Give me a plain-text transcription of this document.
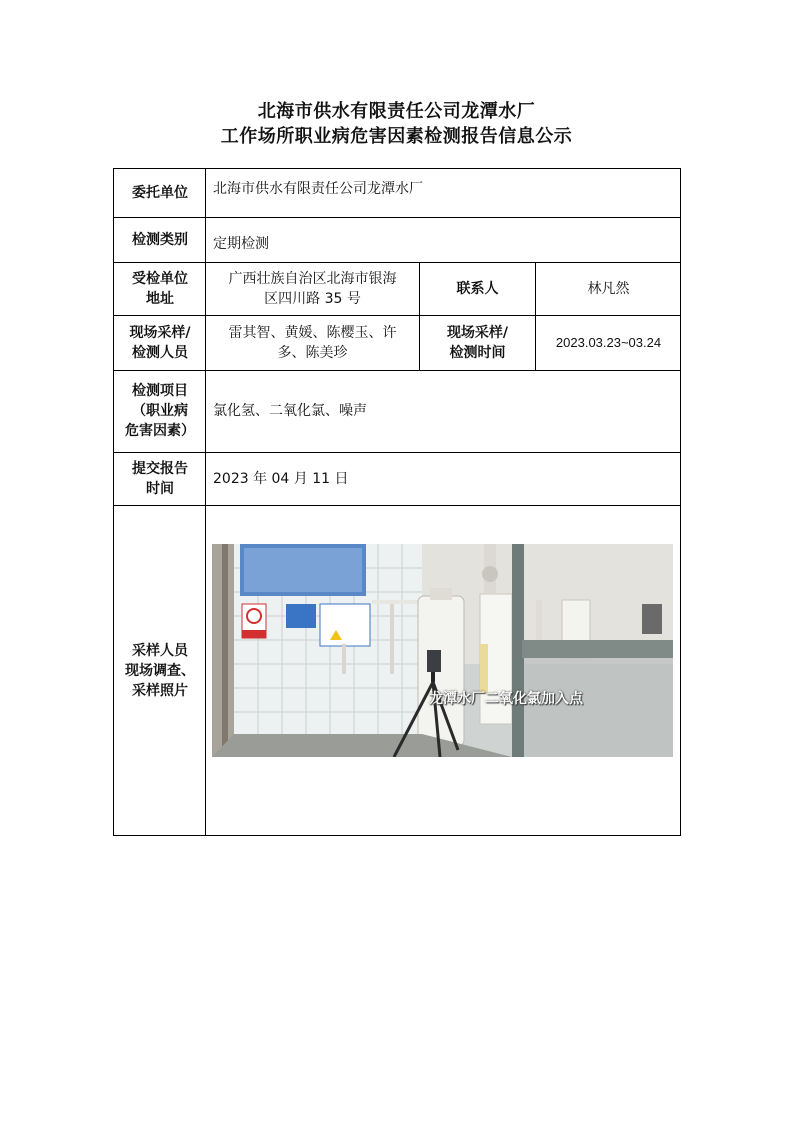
北海市供水有限责任公司龙潭水厂
工作场所职业病危害因素检测报告信息公示
委托单位 北海市供水有限责任公司龙潭水厂
检测类别 定期检测
受检单位
地址
广西壮族自治区北海市银海
区四川路 35 号
联系人	林凡然
现场采样/
检测人员
雷其智、黄媛、陈樱玉、许
多、陈美珍
现场采样/
检测时间
2023.03.23~03.24
检测项目
（职业病
危害因素）
氯化氢、二氧化氯、噪声
提交报告
时间
2023 年 04 月 11 日
采样人员
现场调查、
采样照片
龙潭水厂二氧化氯加入点
